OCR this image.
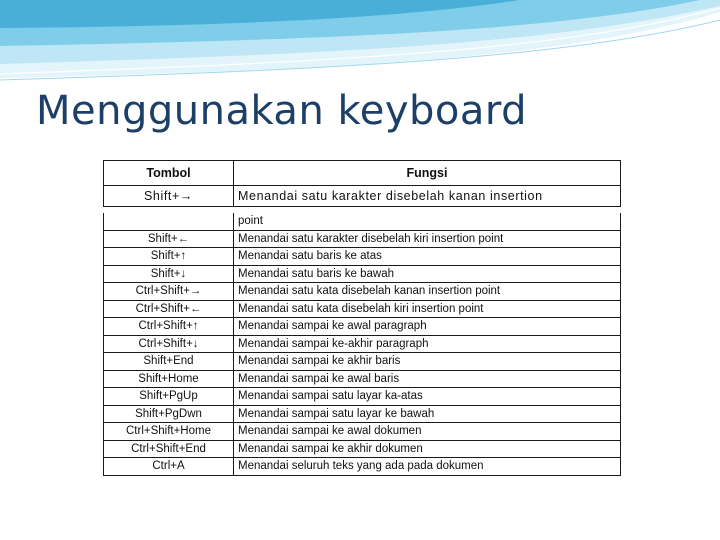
Menggunakan keyboard
Tombol	Fungsi
Shift+→	Menandai satu karakter disebelah kanan insertion

	point
Shift+←	Menandai satu karakter disebelah kiri insertion point
Shift+↑	Menandai satu baris ke atas
Shift+↓	Menandai satu baris ke bawah
Ctrl+Shift+→	Menandai satu kata disebelah kanan insertion point
Ctrl+Shift+←	Menandai satu kata disebelah kiri insertion point
Ctrl+Shift+↑	Menandai sampai ke awal paragraph
Ctrl+Shift+↓	Menandai sampai ke-akhir paragraph
Shift+End	Menandai sampai ke akhir baris
Shift+Home	Menandai sampai ke awal baris
Shift+PgUp	Menandai sampai satu layar ka-atas
Shift+PgDwn	Menandai sampai satu layar ke bawah
Ctrl+Shift+Home	Menandai sampai ke awal dokumen
Ctrl+Shift+End	Menandai sampai ke akhir dokumen
Ctrl+A	Menandai seluruh teks yang ada pada dokumen
